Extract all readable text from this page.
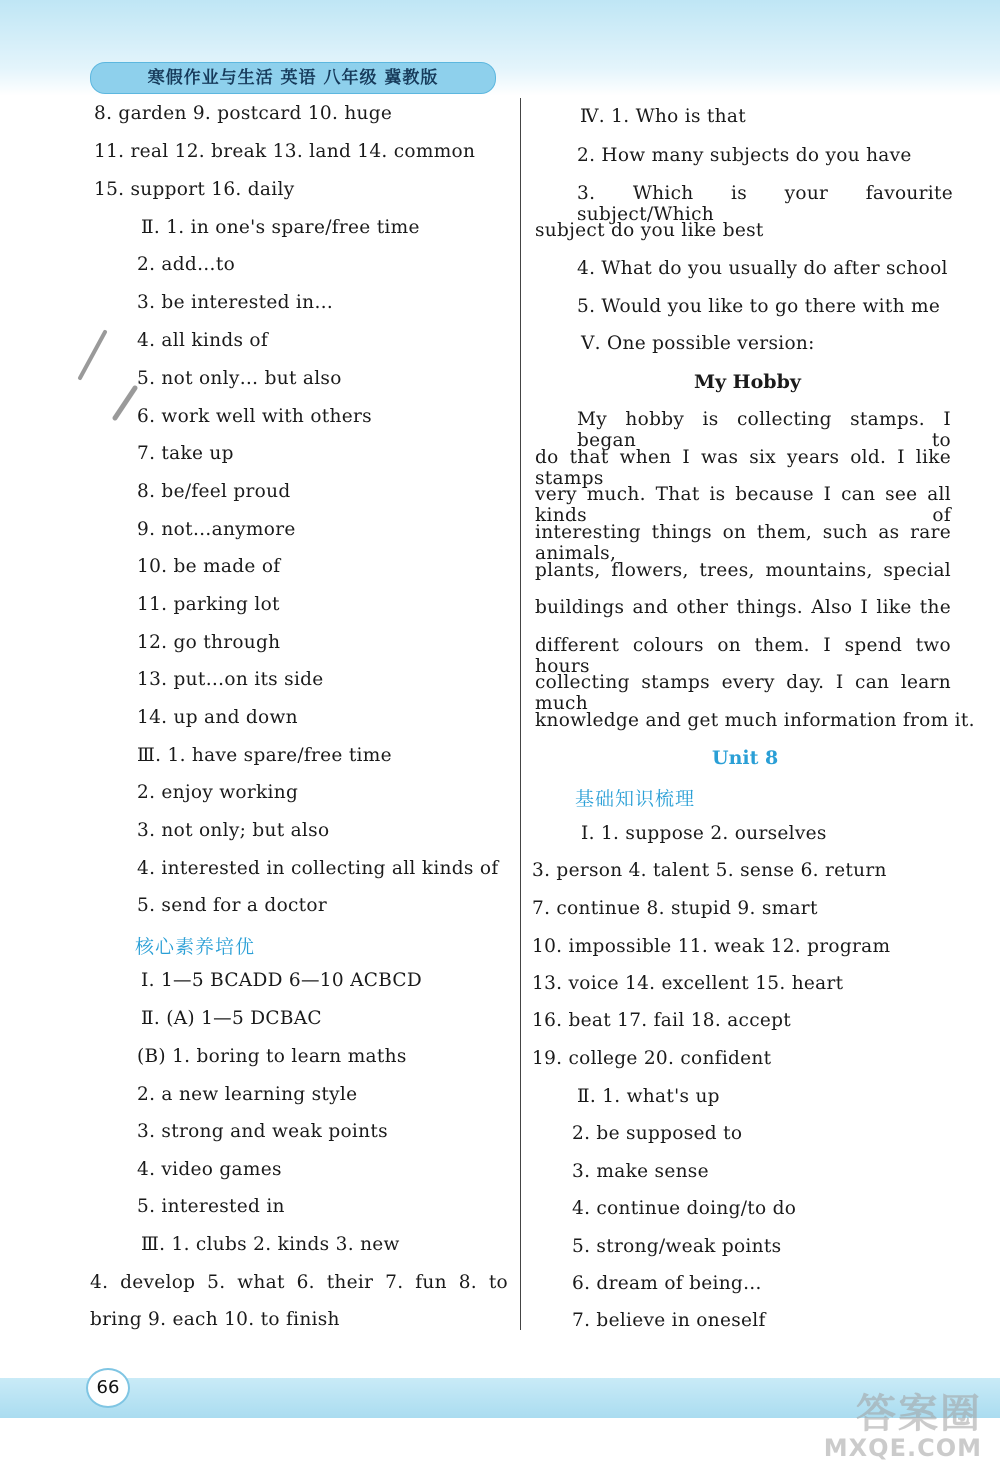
寒假作业与生活 英语 八年级 冀教版
8. garden 9. postcard 10. huge
11. real 12. break 13. land 14. common
15. support 16. daily
Ⅱ. 1. in one's spare/free time
2. add…to
3. be interested in…
4. all kinds of
5. not only… but also
6. work well with others
7. take up
8. be/feel proud
9. not…anymore
10. be made of
11. parking lot
12. go through
13. put…on its side
14. up and down
Ⅲ. 1. have spare/free time
2. enjoy working
3. not only; but also
4. interested in collecting all kinds of
5. send for a doctor
核心素养培优
Ⅰ. 1—5 BCADD 6—10 ACBCD
Ⅱ. (A) 1—5 DCBAC
(B) 1. boring to learn maths
2. a new learning style
3. strong and weak points
4. video games
5. interested in
Ⅲ. 1. clubs 2. kinds 3. new
4. develop 5. what 6. their 7. fun 8. to
bring 9. each 10. to finish
Ⅳ. 1. Who is that
2. How many subjects do you have
3. Which is your favourite subject/Which
subject do you like best
4. What do you usually do after school
5. Would you like to go there with me
Ⅴ. One possible version:
My Hobby
My hobby is collecting stamps. I began to
do that when I was six years old. I like stamps
very much. That is because I can see all kinds of
interesting things on them, such as rare animals,
plants, flowers, trees, mountains, special
buildings and other things. Also I like the
different colours on them. I spend two hours
collecting stamps every day. I can learn much
knowledge and get much information from it.
Unit 8
基础知识梳理
Ⅰ. 1. suppose 2. ourselves
3. person 4. talent 5. sense 6. return
7. continue 8. stupid 9. smart
10. impossible 11. weak 12. program
13. voice 14. excellent 15. heart
16. beat 17. fail 18. accept
19. college 20. confident
Ⅱ. 1. what's up
2. be supposed to
3. make sense
4. continue doing/to do
5. strong/weak points
6. dream of being…
7. believe in oneself
66
答案圈
MXQE.COM
